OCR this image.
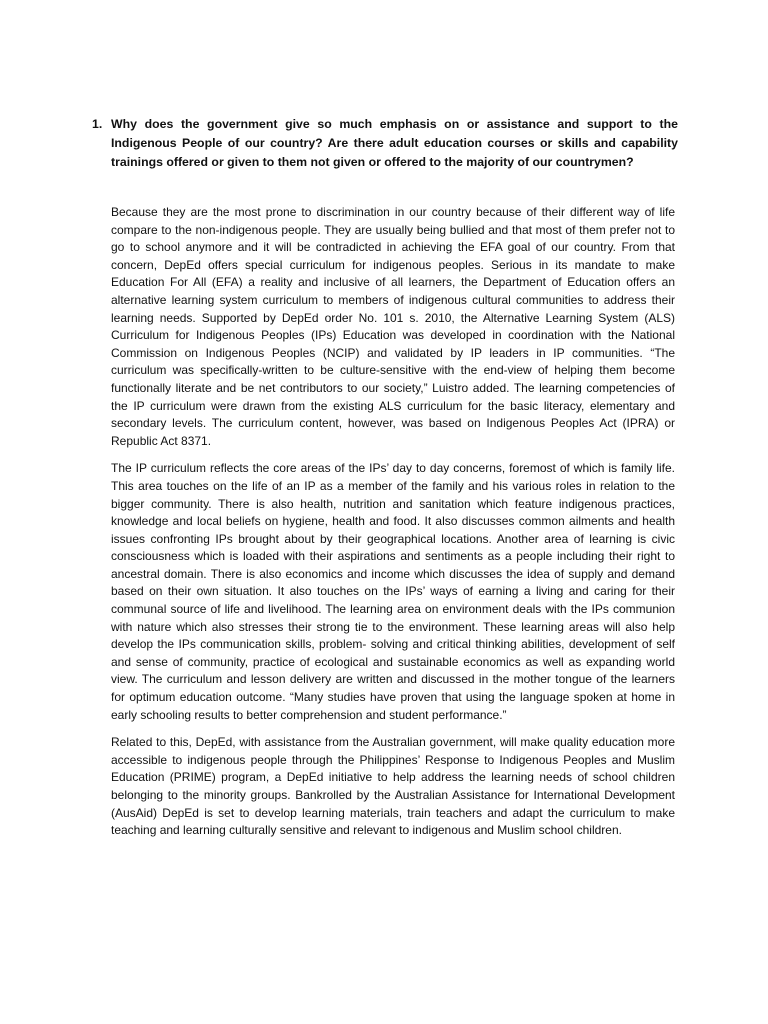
1. Why does the government give so much emphasis on or assistance and support to the Indigenous People of our country? Are there adult education courses or skills and capability trainings offered or given to them not given or offered to the majority of our countrymen?

Because they are the most prone to discrimination in our country because of their different way of life compare to the non-indigenous people. They are usually being bullied and that most of them prefer not to go to school anymore and it will be contradicted in achieving the EFA goal of our country. From that concern, DepEd offers special curriculum for indigenous peoples. Serious in its mandate to make Education For All (EFA) a reality and inclusive of all learners, the Department of Education offers an alternative learning system curriculum to members of indigenous cultural communities to address their learning needs. Supported by DepEd order No. 101 s. 2010, the Alternative Learning System (ALS) Curriculum for Indigenous Peoples (IPs) Education was developed in coordination with the National Commission on Indigenous Peoples (NCIP) and validated by IP leaders in IP communities. “The curriculum was specifically-written to be culture-sensitive with the end-view of helping them become functionally literate and be net contributors to our society,” Luistro added. The learning competencies of the IP curriculum were drawn from the existing ALS curriculum for the basic literacy, elementary and secondary levels. The curriculum content, however, was based on Indigenous Peoples Act (IPRA) or Republic Act 8371.

The IP curriculum reflects the core areas of the IPs’ day to day concerns, foremost of which is family life. This area touches on the life of an IP as a member of the family and his various roles in relation to the bigger community. There is also health, nutrition and sanitation which feature indigenous practices, knowledge and local beliefs on hygiene, health and food. It also discusses common ailments and health issues confronting IPs brought about by their geographical locations. Another area of learning is civic consciousness which is loaded with their aspirations and sentiments as a people including their right to ancestral domain. There is also economics and income which discusses the idea of supply and demand based on their own situation. It also touches on the IPs’ ways of earning a living and caring for their communal source of life and livelihood. The learning area on environment deals with the IPs communion with nature which also stresses their strong tie to the environment. These learning areas will also help develop the IPs communication skills, problem- solving and critical thinking abilities, development of self and sense of community, practice of ecological and sustainable economics as well as expanding world view. The curriculum and lesson delivery are written and discussed in the mother tongue of the learners for optimum education outcome. “Many studies have proven that using the language spoken at home in early schooling results to better comprehension and student performance.”

Related to this, DepEd, with assistance from the Australian government, will make quality education more accessible to indigenous people through the Philippines’ Response to Indigenous Peoples and Muslim Education (PRIME) program, a DepEd initiative to help address the learning needs of school children belonging to the minority groups. Bankrolled by the Australian Assistance for International Development (AusAid) DepEd is set to develop learning materials, train teachers and adapt the curriculum to make teaching and learning culturally sensitive and relevant to indigenous and Muslim school children.
